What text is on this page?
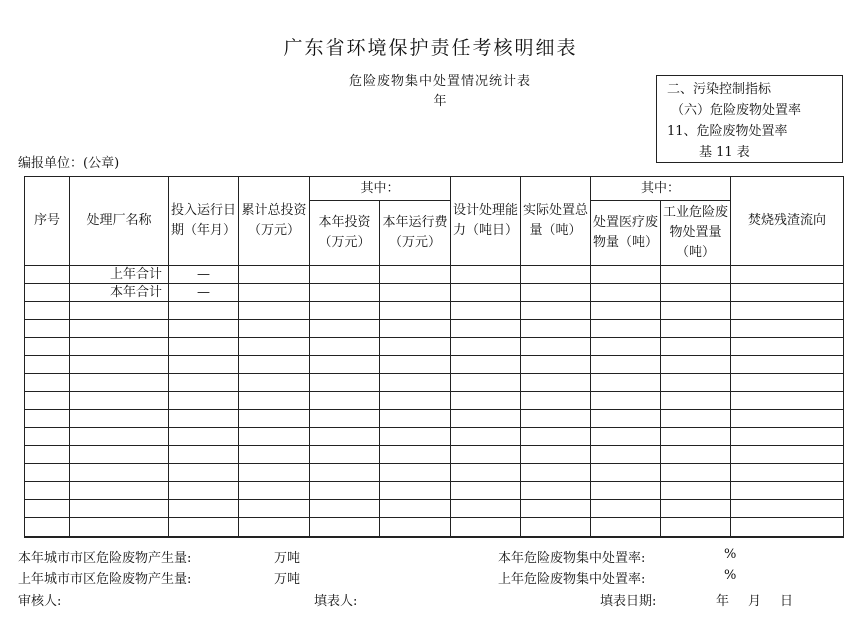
广东省环境保护责任考核明细表
危险废物集中处置情况统计表
年
二、污染控制指标
（六）危险废物处置率
11、危险废物处置率
基 11 表
编报单位：(公章)
序号	处理厂名称	投入运行日期（年月）	累计总投资（万元）	其中：		设计处理能力（吨日）	实际处置总量（吨）	其中：		焚烧残渣流向
				本年投资（万元）	本年运行费（万元）			处置医疗废物量（吨）	工业危险废物处置量（吨）	
	上年合计	—								
	本年合计	—								

本年城市市区危险废物产生量:	万吨
上年城市市区危险废物产生量:	万吨
本年危险废物集中处置率:	%
上年危险废物集中处置率:	%
审核人:	填表人:	填表日期:	年 月 日
